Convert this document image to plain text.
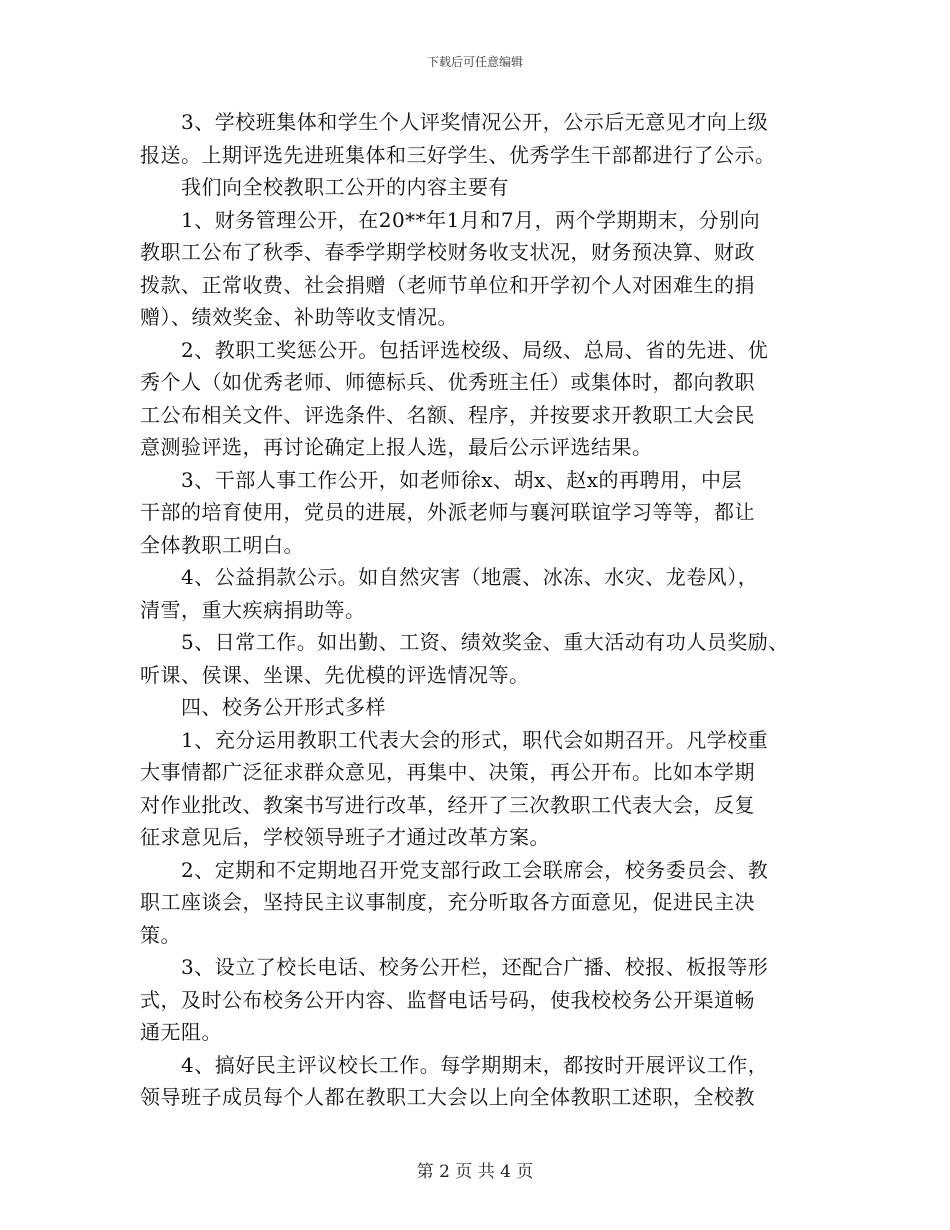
下载后可任意编辑
　　3、学校班集体和学生个人评奖情况公开，公示后无意见才向上级
报送。上期评选先进班集体和三好学生、优秀学生干部都进行了公示。
　　我们向全校教职工公开的内容主要有
　　1、财务管理公开，在20**年1月和7月，两个学期期末，分别向
教职工公布了秋季、春季学期学校财务收支状况，财务预决算、财政
拨款、正常收费、社会捐赠（老师节单位和开学初个人对困难生的捐
赠）、绩效奖金、补助等收支情况。
　　2、教职工奖惩公开。包括评选校级、局级、总局、省的先进、优
秀个人（如优秀老师、师德标兵、优秀班主任）或集体时，都向教职
工公布相关文件、评选条件、名额、程序，并按要求开教职工大会民
意测验评选，再讨论确定上报人选，最后公示评选结果。
　　3、干部人事工作公开，如老师徐x、胡x、赵x的再聘用，中层
干部的培育使用，党员的进展，外派老师与襄河联谊学习等等，都让
全体教职工明白。
　　4、公益捐款公示。如自然灾害（地震、冰冻、水灾、龙卷风），
清雪，重大疾病捐助等。
　　5、日常工作。如出勤、工资、绩效奖金、重大活动有功人员奖励、
听课、侯课、坐课、先优模的评选情况等。
　　四、校务公开形式多样
　　1、充分运用教职工代表大会的形式，职代会如期召开。凡学校重
大事情都广泛征求群众意见，再集中、决策，再公开布。比如本学期
对作业批改、教案书写进行改革，经开了三次教职工代表大会，反复
征求意见后，学校领导班子才通过改革方案。
　　2、定期和不定期地召开党支部行政工会联席会，校务委员会、教
职工座谈会，坚持民主议事制度，充分听取各方面意见，促进民主决
策。
　　3、设立了校长电话、校务公开栏，还配合广播、校报、板报等形
式，及时公布校务公开内容、监督电话号码，使我校校务公开渠道畅
通无阻。
　　4、搞好民主评议校长工作。每学期期末，都按时开展评议工作，
领导班子成员每个人都在教职工大会以上向全体教职工述职，全校教
第 2 页 共 4 页
